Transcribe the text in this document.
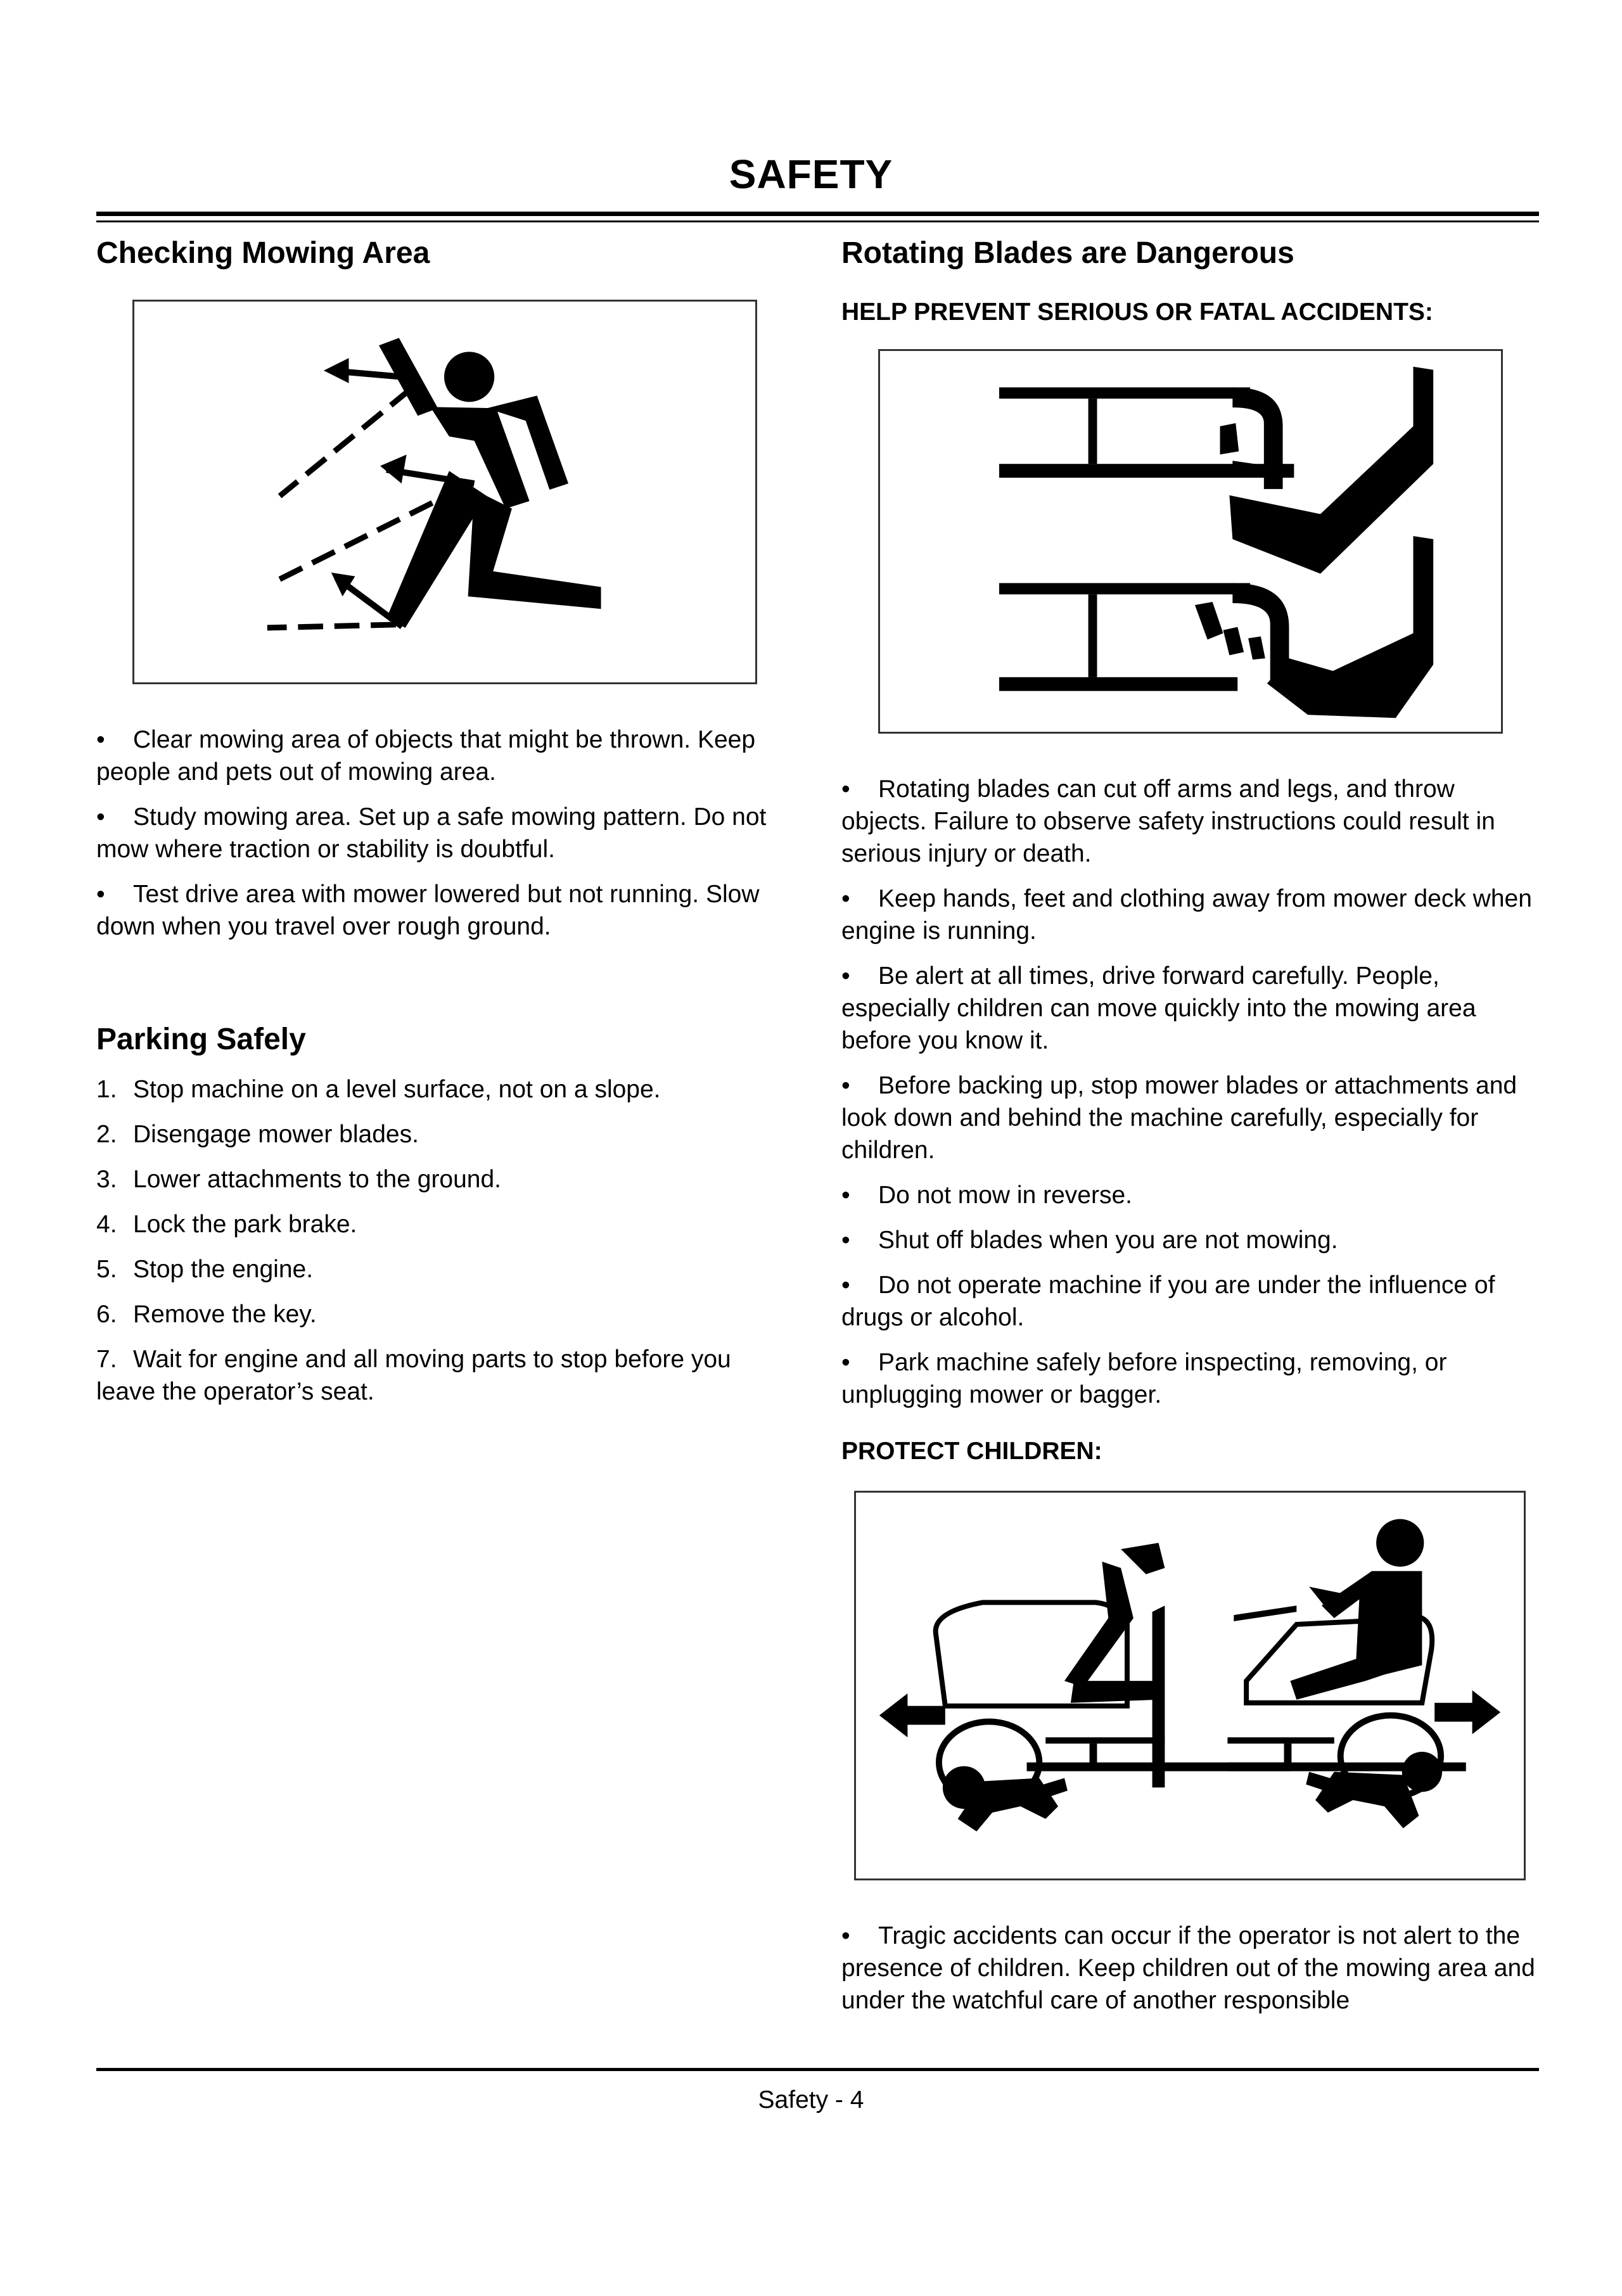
SAFETY
Checking Mowing Area

• Clear mowing area of objects that might be thrown. Keep people and pets out of mowing area.

• Study mowing area. Set up a safe mowing pattern. Do not mow where traction or stability is doubtful.

• Test drive area with mower lowered but not running. Slow down when you travel over rough ground.

Parking Safely

1. Stop machine on a level surface, not on a slope.

2. Disengage mower blades.

3. Lower attachments to the ground.

4. Lock the park brake.

5. Stop the engine.

6. Remove the key.

7. Wait for engine and all moving parts to stop before you leave the operator’s seat.

Rotating Blades are Dangerous
HELP PREVENT SERIOUS OR FATAL ACCIDENTS:

• Rotating blades can cut off arms and legs, and throw objects. Failure to observe safety instructions could result in serious injury or death.

• Keep hands, feet and clothing away from mower deck when engine is running.

• Be alert at all times, drive forward carefully. People, especially children can move quickly into the mowing area before you know it.

• Before backing up, stop mower blades or attachments and look down and behind the machine carefully, especially for children.

• Do not mow in reverse.

• Shut off blades when you are not mowing.

• Do not operate machine if you are under the influence of drugs or alcohol.

• Park machine safely before inspecting, removing, or unplugging mower or bagger.

PROTECT CHILDREN:

• Tragic accidents can occur if the operator is not alert to the presence of children. Keep children out of the mowing area and under the watchful care of another responsible

Safety - 4
